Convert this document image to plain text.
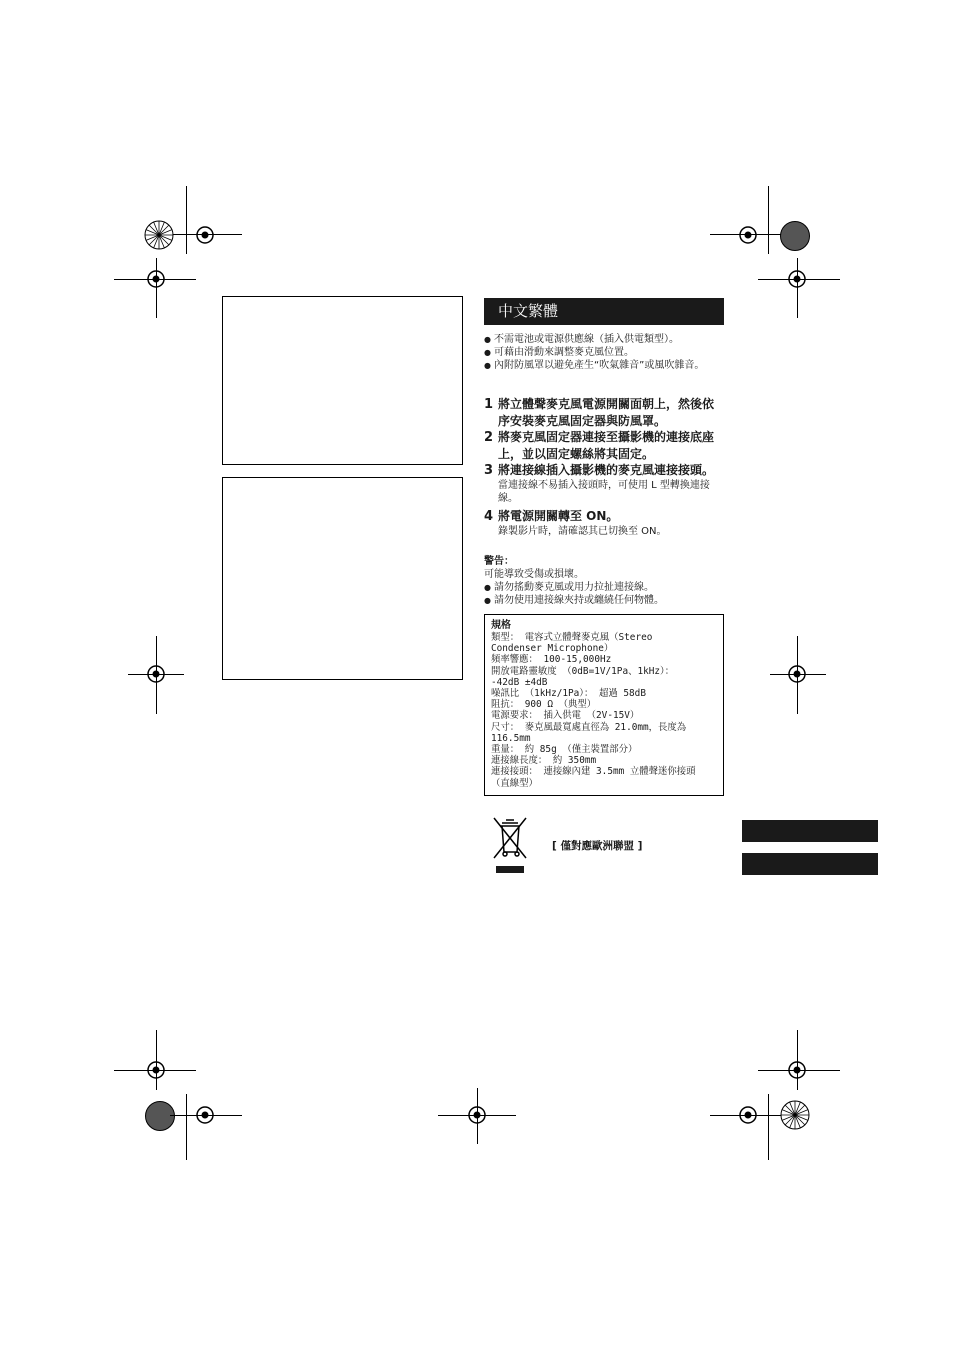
中文繁體
● 不需電池或電源供應線（插入供電類型）。
● 可藉由滑動來調整麥克風位置。
● 內附防風罩以避免產生“吹氣雜音”或風吹雜音。
1 將立體聲麥克風電源開關面朝上，然後依序安裝麥克風固定器與防風罩。
2 將麥克風固定器連接至攝影機的連接底座上，並以固定螺絲將其固定。
3 將連接線插入攝影機的麥克風連接接頭。
當連接線不易插入接頭時，可使用 L 型轉換連接線。
4 將電源開關轉至 ON。
錄製影片時，請確認其已切換至 ON。
警告：
可能導致受傷或損壞。
● 請勿搖動麥克風或用力拉扯連接線。
● 請勿使用連接線夾持或纏繞任何物體。
規格
類型： 電容式立體聲麥克風（Stereo
Condenser Microphone）
頻率響應： 100-15,000Hz
開放電路靈敏度 （0dB=1V/1Pa、1kHz）：
-42dB ±4dB
噪訊比 （1kHz/1Pa）： 超過 58dB
阻抗： 900 Ω （典型）
電源要求： 插入供電 （2V-15V）
尺寸： 麥克風最寬處直徑為 21.0mm，長度為
116.5mm
重量： 約 85g （僅主裝置部分）
連接線長度： 約 350mm
連接接頭： 連接線內建 3.5mm 立體聲迷你接頭
（直線型）
[ 僅對應歐洲聯盟 ]
